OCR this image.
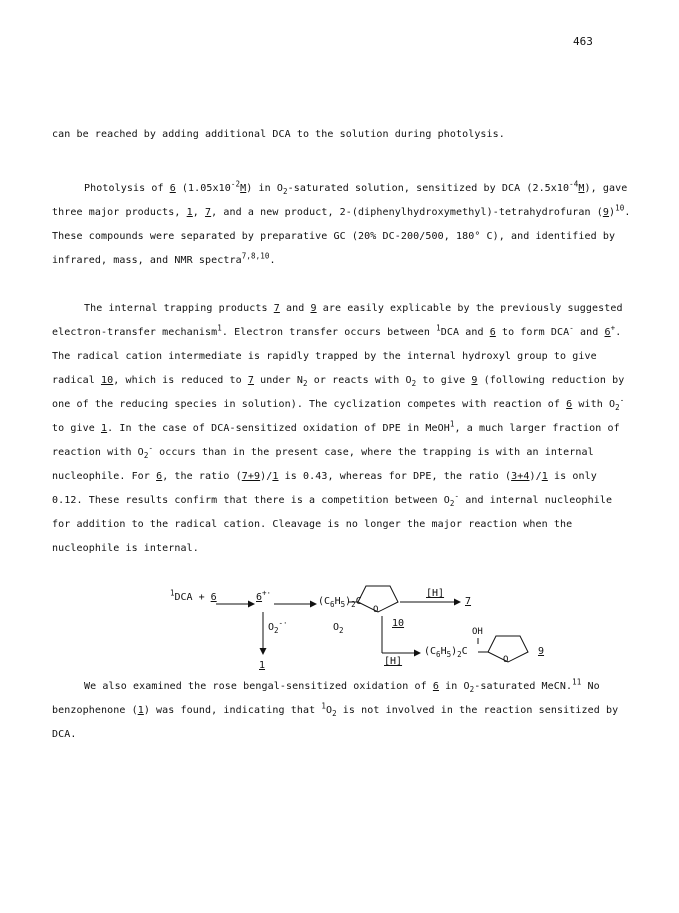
463
can be reached by adding additional DCA to the solution during photolysis.
Photolysis of 6 $(1.05x10^{-2}M)$ in $O_2$-saturated solution, sensitized by DCA $(2.5x10^{-4}M)$, gave
three major products, 1, 7, and a new product, 2-(diphenylhydroxymethyl)-tetrahydrofuran $(9)^{10}$.
These compounds were separated by preparative GC (20% DC-200/500, 180° C), and identified by
infrared, mass, and NMR spectra$^{7,8,10}$.
The internal trapping products 7 and 9 are easily explicable by the previously suggested
electron-transfer mechanism$^1$. Electron transfer occurs between $^1$DCA and 6 to form DCA- and 6+.
The radical cation intermediate is rapidly trapped by the internal hydroxyl group to give
radical 10, which is reduced to 7 under $N_2$ or reacts with $O_2$ to give 9 (following reduction by
one of the reducing species in solution). The cyclization competes with reaction of 6 with $O_2^-$
to give 1. In the case of DCA-sensitized oxidation of DPE in MeOH$^1$, a much larger fraction of
reaction with $O_2^-$ occurs than in the present case, where the trapping is with an internal
nucleophile. For 6, the ratio (7+9)/1 is 0.43, whereas for DPE, the ratio (3+4)/1 is only
0.12. These results confirm that there is a competition between $O_2^-$ and internal nucleophile
for addition to the radical cation. Cleavage is no longer the major reaction when the
nucleophile is internal.
We also examined the rose bengal-sensitized oxidation of 6 in $O_2$-saturated MeCN.$^{11}$ No
benzophenone (1) was found, indicating that $^1O_2$ is not involved in the reaction sensitized by
DCA.
$^1$DCA + 6	6+·
$(C_6H_5)_2C$
O
[H]
7
$O_2^{-\cdot}$	$O_2$
10
1	[H]
$(C_6H_5)_2C$
OH
O
9
